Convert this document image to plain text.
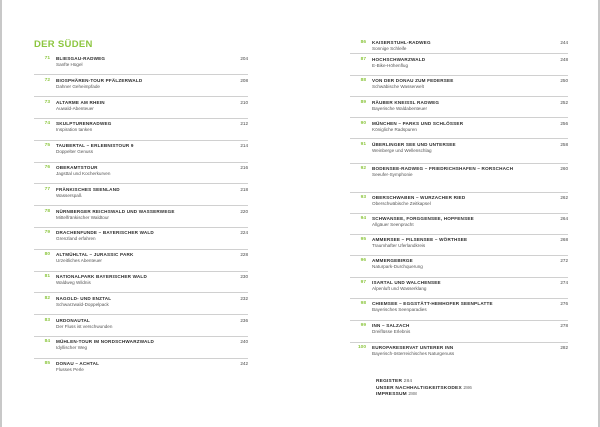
DER SÜDEN
71 BLIESGAU-RADWEG
Sanfte Hügel
204
72 BIOSPHÄREN-TOUR PFÄLZERWALD
Dahner Geheimpfade
208
73 ALTARME AM RHEIN
Auwald-Abenteuer
210
74 SKULPTURENRADWEG
Inspiration tanken
212
75 TAUBERTAL – ERLEBNISTOUR 9
Doppelter Genuss
214
76 OBERAMTSTOUR
Jagsttal und Kocherkurven
216
77 FRÄNKISCHES SEENLAND
Wasserspaß
218
78 NÜRNBERGER REICHSWALD UND WASSERWEGE
Mittelfränkischer Waldtour
220
79 DRACHENFUNDE – BAYERISCHER WALD
Grenzland erfahren
224
80 ALTMÜHLTAL – JURASSIC PARK
Urzeitliches Abenteuer
228
81 NATIONALPARK BAYERISCHER WALD
Waldweg Wildnis
230
82 NAGOLD- UND ENZTAL
Schwarzwald-Doppelpack
232
83 URDONAUTAL
Der Fluss ist verschwunden
236
84 MÜHLEN-TOUR IM NORDSCHWARZWALD
Idyllischer Weg
240
85 DONAU – ACHTAL
Flusses Perle
242
86 KAISERSTUHL-RADWEG
Sonnige Schleife
244
87 HOCHSCHWARZWALD
E-Bike-Höhenflug
248
88 VON DER DONAU ZUM FEDERSEE
Schwäbische Wasserwelt
250
89 RÄUBER KNEISSL RADWEG
Bayerische Waldabenteuer
252
90 MÜNCHEN – PARKS UND SCHLÖSSER
Königliche Radspuren
256
91 ÜBERLINGER SEE UND UNTERSEE
Weinberge und Wellenschlag
258
92 BODENSEE-RADWEG – FRIEDRICHSHAFEN – RORSCHACH
Seeufer-Symphonie
260
93 OBERSCHWABEN – WURZACHER RIED
Oberschwäbische Zeitkapsel
262
94 SCHWANSEE, FORGGENSEE, HOPFENSEE
Allgäuer Seenpracht
264
95 AMMERSEE – PILSENSEE – WÖRTHSEE
Traumhafter Uferlandkreis
268
96 AMMERGEBIRGE
Naturpark-Durchquerung
272
97 ISARTAL UND WALCHENSEE
Alpenluft und Wasserklang
274
98 CHIEMSEE – EGGSTÄTT-HEMHOFER SEENPLATTE
Bayerisches Seenparadies
276
99 INN – SALZACH
Dreiflüsse Erlebnis
278
100 EUROPARESERVAT UNTERER INN
Bayerisch-österreichisches Naturgenuss
282
REGISTER 284
UNSER NACHHALTIGKEITSKODEX 286
IMPRESSUM 288
